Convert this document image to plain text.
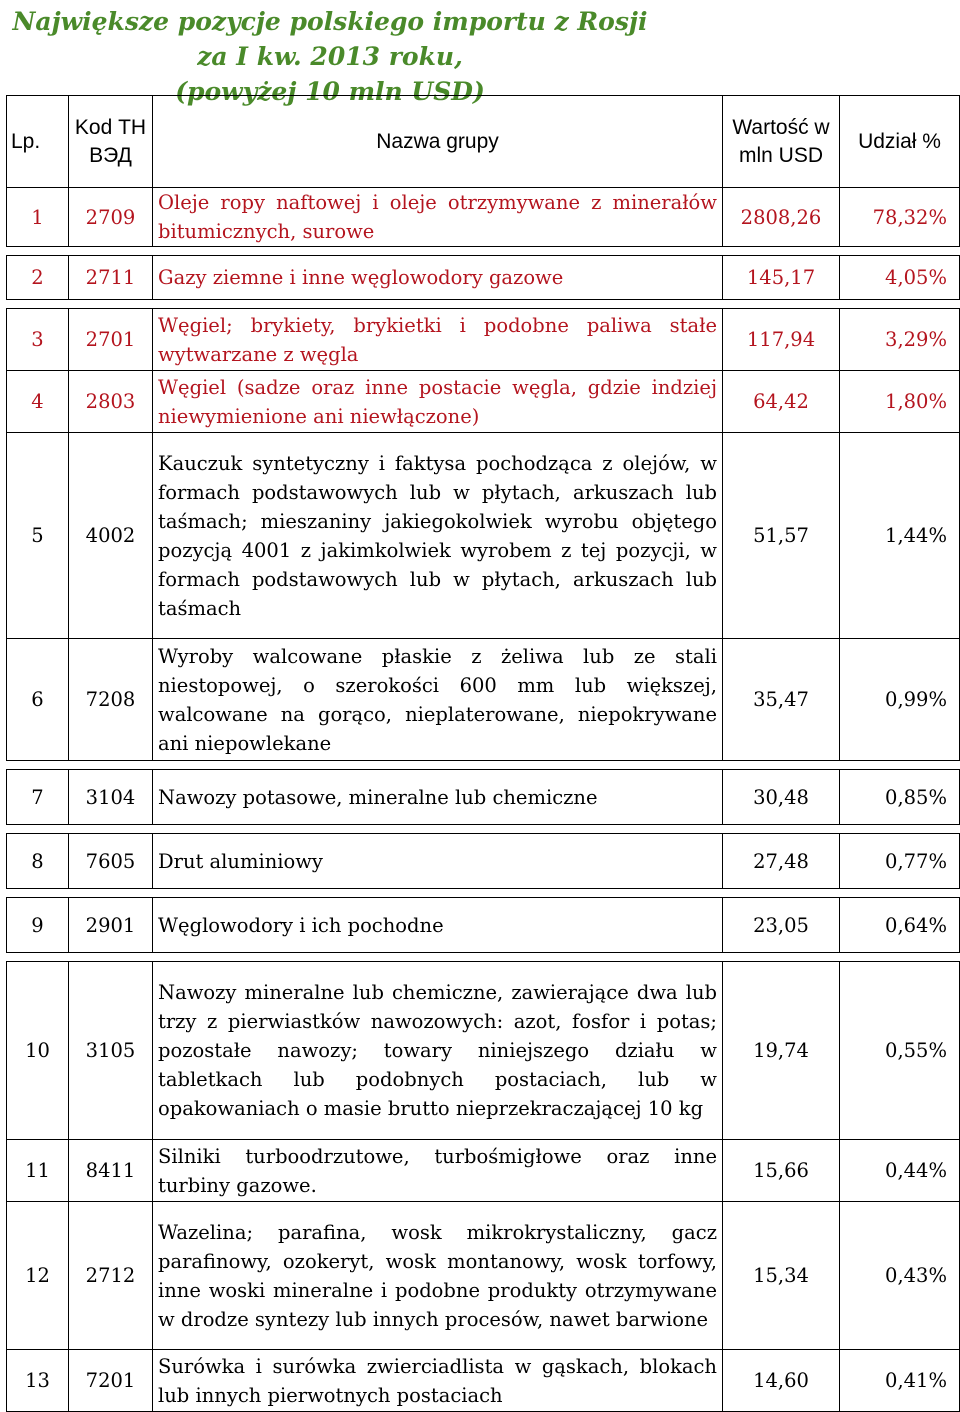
Największe pozycje polskiego importu z Rosji za I kw. 2013 roku,
(powyżej 10 mln USD)
Lp.	Kod ТН ВЭД	Nazwa grupy	Wartość w mln USD	Udział %
1	2709	Oleje ropy naftowej i oleje otrzymywane z minerałów bitumicznych, surowe	2808,26	78,32%

2	2711	Gazy ziemne i inne węglowodory gazowe	145,17	4,05%

3	2701	Węgiel; brykiety, brykietki i podobne paliwa stałe wytwarzane z węgla	117,94	3,29%
4	2803	Węgiel (sadze oraz inne postacie węgla, gdzie indziej niewymienione ani niewłączone)	64,42	1,80%
5	4002	Kauczuk syntetyczny i faktysa pochodząca z olejów, w formach podstawowych lub w płytach, arkuszach lub taśmach; mieszaniny jakiegokolwiek wyrobu objętego pozycją 4001 z jakimkolwiek wyrobem z tej pozycji, w formach podstawowych lub w płytach, arkuszach lub taśmach	51,57	1,44%
6	7208	Wyroby walcowane płaskie z żeliwa lub ze stali niestopowej, o szerokości 600 mm lub większej, walcowane na gorąco, nieplaterowane, niepokrywane ani niepowlekane	35,47	0,99%

7	3104	Nawozy potasowe, mineralne lub chemiczne	30,48	0,85%

8	7605	Drut aluminiowy	27,48	0,77%

9	2901	Węglowodory i ich pochodne	23,05	0,64%

10	3105	Nawozy mineralne lub chemiczne, zawierające dwa lub trzy z pierwiastków nawozowych: azot, fosfor i potas; pozostałe nawozy; towary niniejszego działu w tabletkach lub podobnych postaciach, lub w opakowaniach o masie brutto nieprzekraczającej 10 kg	19,74	0,55%
11	8411	Silniki turboodrzutowe, turbośmigłowe oraz inne turbiny gazowe.	15,66	0,44%
12	2712	Wazelina; parafina, wosk mikrokrystaliczny, gacz parafinowy, ozokeryt, wosk montanowy, wosk torfowy, inne woski mineralne i podobne produkty otrzymywane w drodze syntezy lub innych procesów, nawet barwione	15,34	0,43%
13	7201	Surówka i surówka zwierciadlista w gąskach, blokach lub innych pierwotnych postaciach	14,60	0,41%
